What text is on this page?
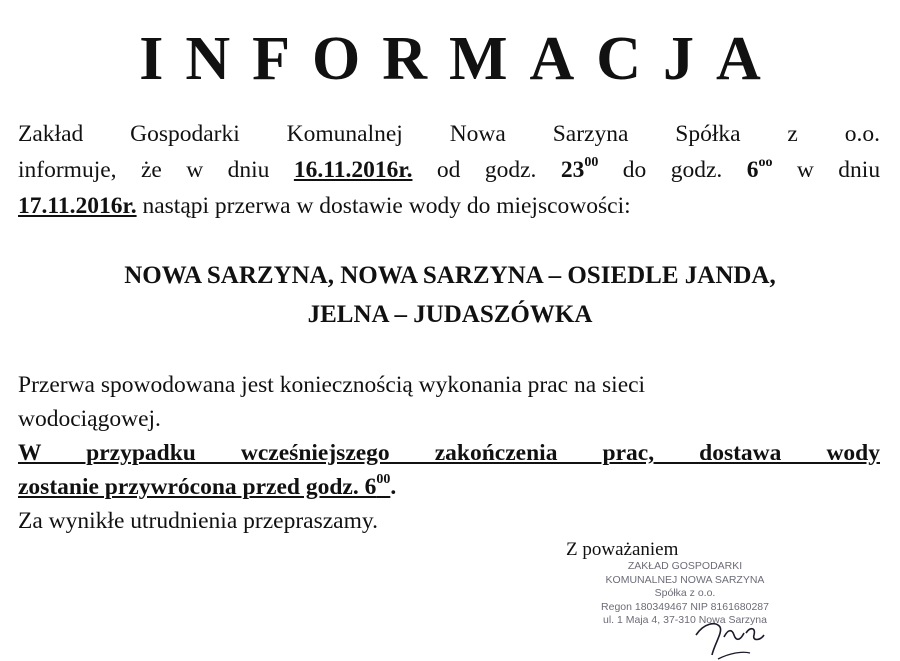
INFORMACJA
Zakład Gospodarki Komunalnej Nowa Sarzyna Spółka z o.o.
informuje, że w dniu 16.11.2016r. od godz. $23^{00}$ do godz. $6^{oo}$ w dniu
17.11.2016r. nastąpi przerwa w dostawie wody do miejscowości:
NOWA SARZYNA, NOWA SARZYNA – OSIEDLE JANDA,
JELNA – JUDASZÓWKA
Przerwa spowodowana jest koniecznością wykonania prac na sieci
wodociągowej.
W przypadku wcześniejszego zakończenia prac, dostawa wody
zostanie przywrócona przed godz. $6^{00}$.
Za wynikłe utrudnienia przepraszamy.
Z poważaniem
ZAKŁAD GOSPODARKI
KOMUNALNEJ NOWA SARZYNA
Spółka z o.o.
Regon 180349467 NIP 8161680287
ul. 1 Maja 4, 37-310 Nowa Sarzyna
